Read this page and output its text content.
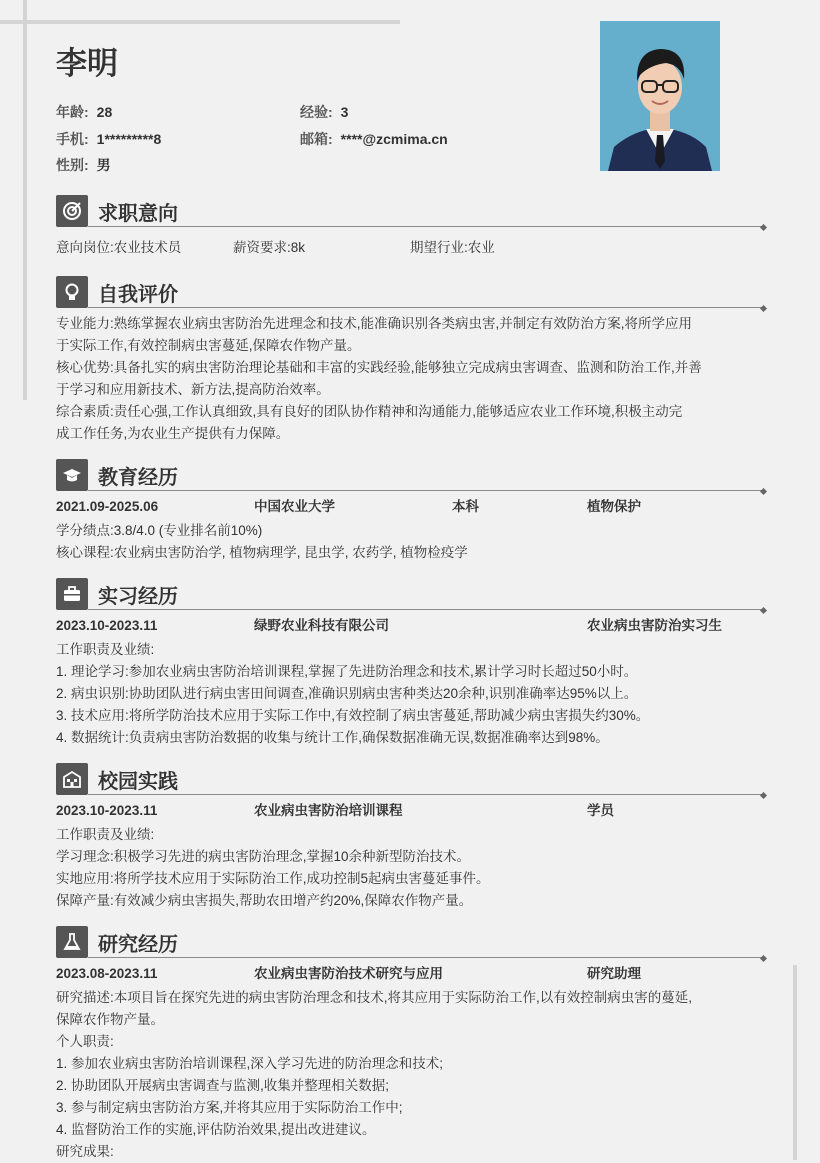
李明
年龄: 28	经验: 3
手机: 1*********8	邮箱: ****@zcmima.cn
性别: 男
求职意向
意向岗位:农业技术员	薪资要求:8k	期望行业:农业
自我评价

专业能力:熟练掌握农业病虫害防治先进理念和技术,能准确识别各类病虫害,并制定有效防治方案,将所学应用

于实际工作,有效控制病虫害蔓延,保障农作物产量。

核心优势:具备扎实的病虫害防治理论基础和丰富的实践经验,能够独立完成病虫害调查、监测和防治工作,并善

于学习和应用新技术、新方法,提高防治效率。

综合素质:责任心强,工作认真细致,具有良好的团队协作精神和沟通能力,能够适应农业工作环境,积极主动完

成工作任务,为农业生产提供有力保障。

教育经历
2021.09-2025.06	中国农业大学	本科	植物保护

学分绩点:3.8/4.0 (专业排名前10%)

核心课程:农业病虫害防治学, 植物病理学, 昆虫学, 农药学, 植物检疫学

实习经历
2023.10-2023.11	绿野农业科技有限公司	农业病虫害防治实习生

工作职责及业绩:

1. 理论学习:参加农业病虫害防治培训课程,掌握了先进防治理念和技术,累计学习时长超过50小时。

2. 病虫识别:协助团队进行病虫害田间调查,准确识别病虫害种类达20余种,识别准确率达95%以上。

3. 技术应用:将所学防治技术应用于实际工作中,有效控制了病虫害蔓延,帮助减少病虫害损失约30%。

4. 数据统计:负责病虫害防治数据的收集与统计工作,确保数据准确无误,数据准确率达到98%。

校园实践
2023.10-2023.11	农业病虫害防治培训课程	学员

工作职责及业绩:

学习理念:积极学习先进的病虫害防治理念,掌握10余种新型防治技术。

实地应用:将所学技术应用于实际防治工作,成功控制5起病虫害蔓延事件。

保障产量:有效减少病虫害损失,帮助农田增产约20%,保障农作物产量。

研究经历
2023.08-2023.11	农业病虫害防治技术研究与应用	研究助理

研究描述:本项目旨在探究先进的病虫害防治理念和技术,将其应用于实际防治工作,以有效控制病虫害的蔓延,

保障农作物产量。

个人职责:

1. 参加农业病虫害防治培训课程,深入学习先进的防治理念和技术;

2. 协助团队开展病虫害调查与监测,收集并整理相关数据;

3. 参与制定病虫害防治方案,并将其应用于实际防治工作中;

4. 监督防治工作的实施,评估防治效果,提出改进建议。

研究成果:
